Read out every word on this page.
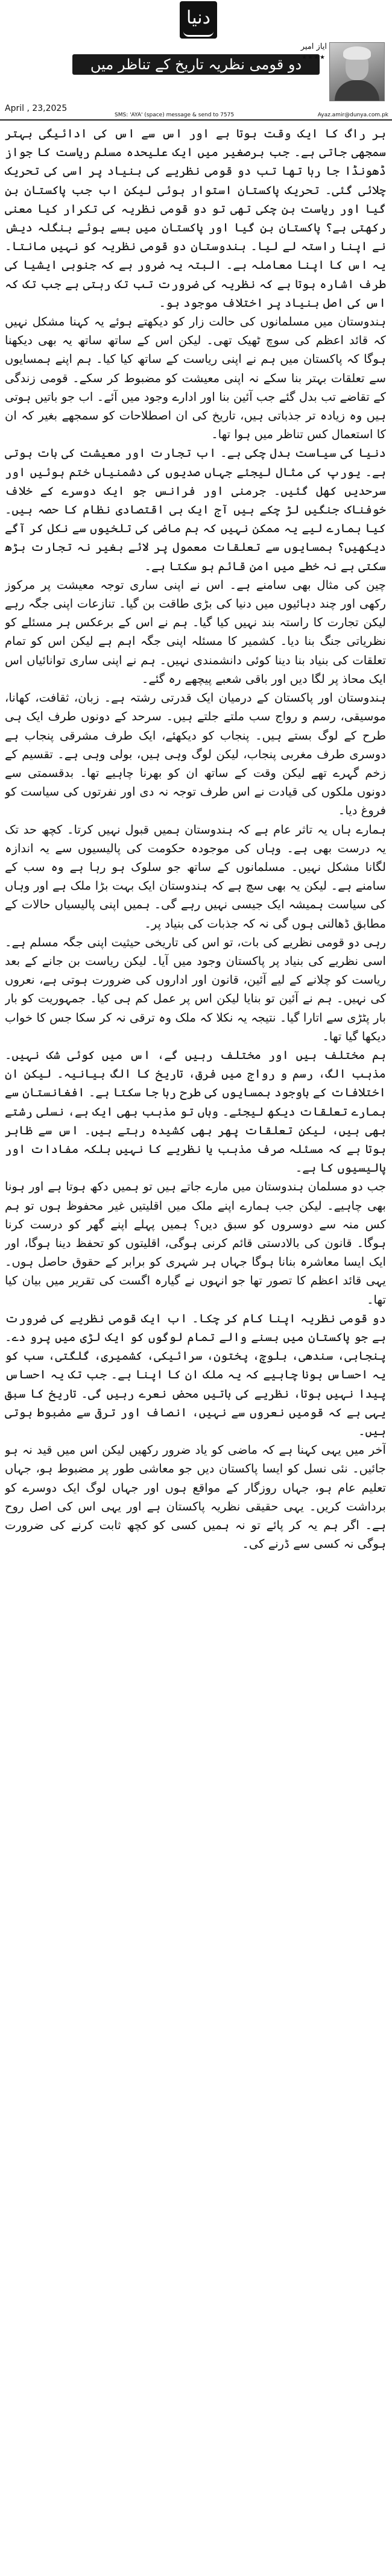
دنیا
دو قومی نظریہ تاریخ کے تناظر میں
ایاز امیر
★★★★
April , 23,2025
SMS: 'AYA' (space) message & send to 7575	Ayaz.amir@dunya.com.pk

ہر راگ کا ایک وقت ہوتا ہے اور اس سے اس کی ادائیگی بہتر سمجھی جاتی ہے۔ جب برصغیر میں ایک علیحدہ مسلم ریاست کا جواز ڈھونڈا جا رہا تھا تب دو قومی نظریے کی بنیاد پر اسی کی تحریک چلائی گئی۔ تحریک پاکستان استوار ہوئی لیکن اب جب پاکستان بن گیا اور ریاست بن چکی تھی تو دو قومی نظریہ کی تکرار کیا معنی رکھتی ہے؟ پاکستان بن گیا اور پاکستان میں بسے ہوئے بنگلہ دیش نے اپنا راستہ لے لیا۔ ہندوستان دو قومی نظریہ کو نہیں مانتا۔ یہ اس کا اپنا معاملہ ہے۔ البتہ یہ ضرور ہے کہ جنوبی ایشیا کی طرف اشارہ ہوتا ہے کہ نظریہ کی ضرورت تب تک رہتی ہے جب تک کہ اس کی اصل بنیاد پر اختلاف موجود ہو۔

ہندوستان میں مسلمانوں کی حالت زار کو دیکھتے ہوئے یہ کہنا مشکل نہیں کہ قائد اعظم کی سوچ ٹھیک تھی۔ لیکن اس کے ساتھ ساتھ یہ بھی دیکھنا ہوگا کہ پاکستان میں ہم نے اپنی ریاست کے ساتھ کیا کیا۔ ہم اپنے ہمسایوں سے تعلقات بہتر بنا سکے نہ اپنی معیشت کو مضبوط کر سکے۔ قومی زندگی کے تقاضے تب بدل گئے جب آئین بنا اور ادارے وجود میں آئے۔ اب جو باتیں ہوتی ہیں وہ زیادہ تر جذباتی ہیں، تاریخ کی ان اصطلاحات کو سمجھے بغیر کہ ان کا استعمال کس تناظر میں ہوا تھا۔

دنیا کی سیاست بدل چکی ہے۔ اب تجارت اور معیشت کی بات ہوتی ہے۔ یورپ کی مثال لیجئے جہاں صدیوں کی دشمنیاں ختم ہوئیں اور سرحدیں کھل گئیں۔ جرمنی اور فرانس جو ایک دوسرے کے خلاف خوفناک جنگیں لڑ چکے ہیں آج ایک ہی اقتصادی نظام کا حصہ ہیں۔ کیا ہمارے لیے یہ ممکن نہیں کہ ہم ماضی کی تلخیوں سے نکل کر آگے دیکھیں؟ ہمسایوں سے تعلقات معمول پر لائے بغیر نہ تجارت بڑھ سکتی ہے نہ خطے میں امن قائم ہو سکتا ہے۔

چین کی مثال بھی سامنے ہے۔ اس نے اپنی ساری توجہ معیشت پر مرکوز رکھی اور چند دہائیوں میں دنیا کی بڑی طاقت بن گیا۔ تنازعات اپنی جگہ رہے لیکن تجارت کا راستہ بند نہیں کیا گیا۔ ہم نے اس کے برعکس ہر مسئلے کو نظریاتی جنگ بنا دیا۔ کشمیر کا مسئلہ اپنی جگہ اہم ہے لیکن اس کو تمام تعلقات کی بنیاد بنا دینا کوئی دانشمندی نہیں۔ ہم نے اپنی ساری توانائیاں اس ایک محاذ پر لگا دیں اور باقی شعبے پیچھے رہ گئے۔

ہندوستان اور پاکستان کے درمیان ایک قدرتی رشتہ ہے۔ زبان، ثقافت، کھانا، موسیقی، رسم و رواج سب ملتے جلتے ہیں۔ سرحد کے دونوں طرف ایک ہی طرح کے لوگ بستے ہیں۔ پنجاب کو دیکھئے، ایک طرف مشرقی پنجاب ہے دوسری طرف مغربی پنجاب، لیکن لوگ وہی ہیں، بولی وہی ہے۔ تقسیم کے زخم گہرے تھے لیکن وقت کے ساتھ ان کو بھرنا چاہیے تھا۔ بدقسمتی سے دونوں ملکوں کی قیادت نے اس طرف توجہ نہ دی اور نفرتوں کی سیاست کو فروغ دیا۔

ہمارے ہاں یہ تاثر عام ہے کہ ہندوستان ہمیں قبول نہیں کرتا۔ کچھ حد تک یہ درست بھی ہے۔ وہاں کی موجودہ حکومت کی پالیسیوں سے یہ اندازہ لگانا مشکل نہیں۔ مسلمانوں کے ساتھ جو سلوک ہو رہا ہے وہ سب کے سامنے ہے۔ لیکن یہ بھی سچ ہے کہ ہندوستان ایک بہت بڑا ملک ہے اور وہاں کی سیاست ہمیشہ ایک جیسی نہیں رہے گی۔ ہمیں اپنی پالیسیاں حالات کے مطابق ڈھالنی ہوں گی نہ کہ جذبات کی بنیاد پر۔

رہی دو قومی نظریے کی بات، تو اس کی تاریخی حیثیت اپنی جگہ مسلم ہے۔ اسی نظریے کی بنیاد پر پاکستان وجود میں آیا۔ لیکن ریاست بن جانے کے بعد ریاست کو چلانے کے لیے آئین، قانون اور اداروں کی ضرورت ہوتی ہے، نعروں کی نہیں۔ ہم نے آئین تو بنایا لیکن اس پر عمل کم ہی کیا۔ جمہوریت کو بار بار پٹڑی سے اتارا گیا۔ نتیجہ یہ نکلا کہ ملک وہ ترقی نہ کر سکا جس کا خواب دیکھا گیا تھا۔

ہم مختلف ہیں اور مختلف رہیں گے، اس میں کوئی شک نہیں۔ مذہب الگ، رسم و رواج میں فرق، تاریخ کا الگ بیانیہ۔ لیکن ان اختلافات کے باوجود ہمسایوں کی طرح رہا جا سکتا ہے۔ افغانستان سے ہمارے تعلقات دیکھ لیجئے۔ وہاں تو مذہب بھی ایک ہے، نسلی رشتے بھی ہیں، لیکن تعلقات پھر بھی کشیدہ رہتے ہیں۔ اس سے ظاہر ہوتا ہے کہ مسئلہ صرف مذہب یا نظریے کا نہیں بلکہ مفادات اور پالیسیوں کا ہے۔

جب دو مسلمان ہندوستان میں مارے جاتے ہیں تو ہمیں دکھ ہوتا ہے اور ہونا بھی چاہیے۔ لیکن جب ہمارے اپنے ملک میں اقلیتیں غیر محفوظ ہوں تو ہم کس منہ سے دوسروں کو سبق دیں؟ ہمیں پہلے اپنے گھر کو درست کرنا ہوگا۔ قانون کی بالادستی قائم کرنی ہوگی، اقلیتوں کو تحفظ دینا ہوگا، اور ایک ایسا معاشرہ بنانا ہوگا جہاں ہر شہری کو برابر کے حقوق حاصل ہوں۔ یہی قائد اعظم کا تصور تھا جو انہوں نے گیارہ اگست کی تقریر میں بیان کیا تھا۔

دو قومی نظریہ اپنا کام کر چکا۔ اب ایک قومی نظریے کی ضرورت ہے جو پاکستان میں بسنے والے تمام لوگوں کو ایک لڑی میں پرو دے۔ پنجابی، سندھی، بلوچ، پختون، سرائیکی، کشمیری، گلگتی، سب کو یہ احساس ہونا چاہیے کہ یہ ملک ان کا اپنا ہے۔ جب تک یہ احساس پیدا نہیں ہوتا، نظریے کی باتیں محض نعرے رہیں گی۔ تاریخ کا سبق یہی ہے کہ قومیں نعروں سے نہیں، انصاف اور ترقی سے مضبوط ہوتی ہیں۔

آخر میں یہی کہنا ہے کہ ماضی کو یاد ضرور رکھیں لیکن اس میں قید نہ ہو جائیں۔ نئی نسل کو ایسا پاکستان دیں جو معاشی طور پر مضبوط ہو، جہاں تعلیم عام ہو، جہاں روزگار کے مواقع ہوں اور جہاں لوگ ایک دوسرے کو برداشت کریں۔ یہی حقیقی نظریہ پاکستان ہے اور یہی اس کی اصل روح ہے۔ اگر ہم یہ کر پائے تو نہ ہمیں کسی کو کچھ ثابت کرنے کی ضرورت ہوگی نہ کسی سے ڈرنے کی۔
